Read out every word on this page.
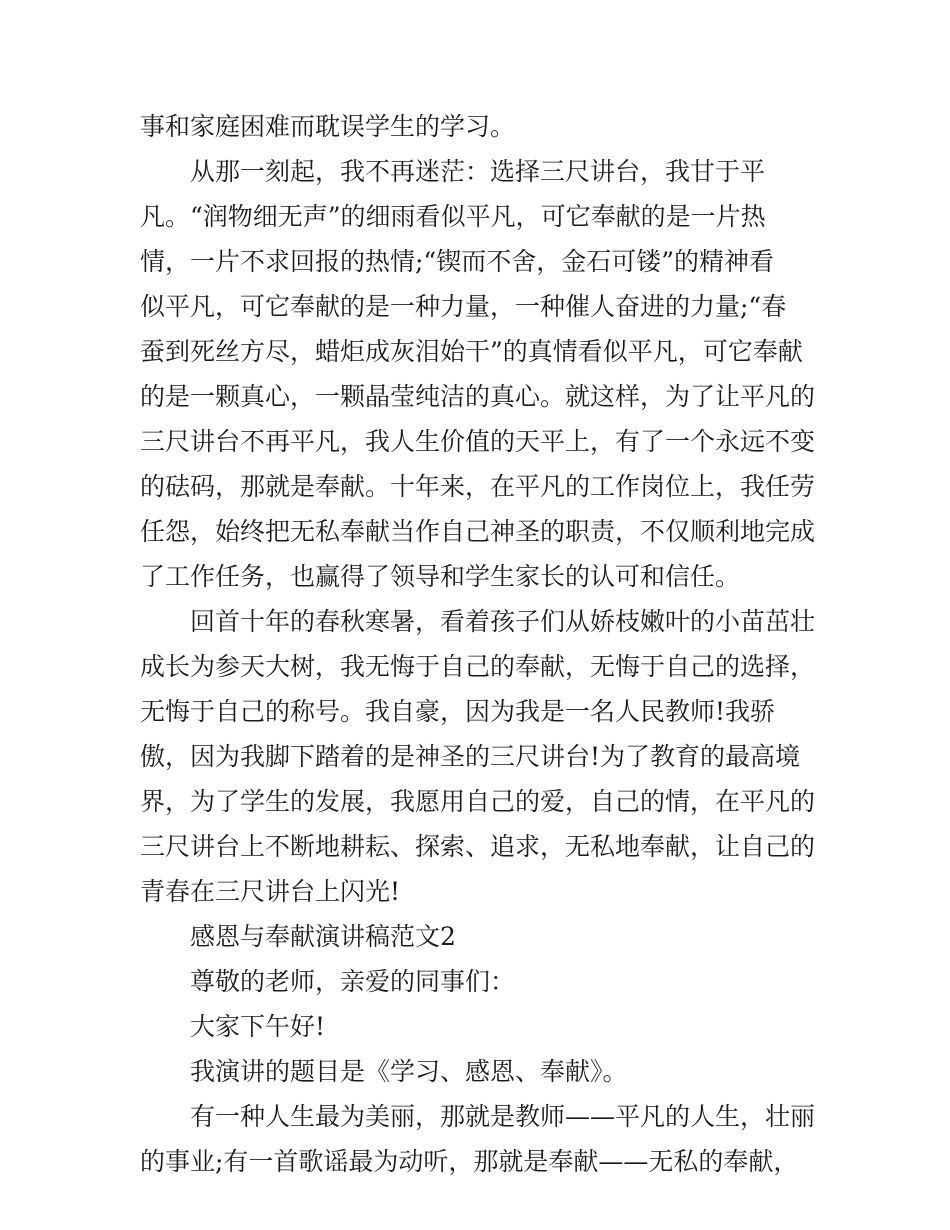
事和家庭困难而耽误学生的学习。
从那一刻起，我不再迷茫：选择三尺讲台，我甘于平
凡。“润物细无声”的细雨看似平凡，可它奉献的是一片热
情，一片不求回报的热情;“锲而不舍，金石可镂”的精神看
似平凡，可它奉献的是一种力量，一种催人奋进的力量;“春
蚕到死丝方尽，蜡炬成灰泪始干”的真情看似平凡，可它奉献
的是一颗真心，一颗晶莹纯洁的真心。就这样，为了让平凡的
三尺讲台不再平凡，我人生价值的天平上，有了一个永远不变
的砝码，那就是奉献。十年来，在平凡的工作岗位上，我任劳
任怨，始终把无私奉献当作自己神圣的职责，不仅顺利地完成
了工作任务，也赢得了领导和学生家长的认可和信任。
回首十年的春秋寒暑，看着孩子们从娇枝嫩叶的小苗茁壮
成长为参天大树，我无悔于自己的奉献，无悔于自己的选择，
无悔于自己的称号。我自豪，因为我是一名人民教师!我骄
傲，因为我脚下踏着的是神圣的三尺讲台!为了教育的最高境
界，为了学生的发展，我愿用自己的爱，自己的情，在平凡的
三尺讲台上不断地耕耘、探索、追求，无私地奉献，让自己的
青春在三尺讲台上闪光!
感恩与奉献演讲稿范文2
尊敬的老师，亲爱的同事们：
大家下午好!
我演讲的题目是《学习、感恩、奉献》。
有一种人生最为美丽，那就是教师——平凡的人生，壮丽
的事业;有一首歌谣最为动听，那就是奉献——无私的奉献，
